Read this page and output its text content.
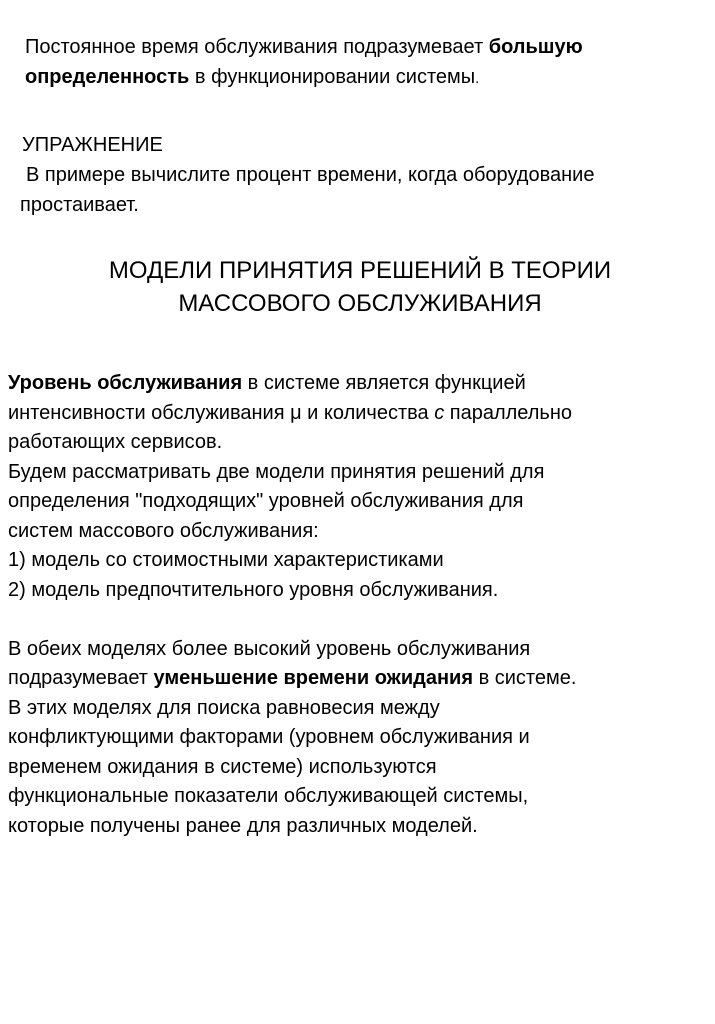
Постоянное время обслуживания подразумевает большую
определенность в функционировании системы.
УПРАЖНЕНИЕ
В примере вычислите процент времени, когда оборудование
простаивает.
МОДЕЛИ ПРИНЯТИЯ РЕШЕНИЙ В ТЕОРИИ
МАССОВОГО ОБСЛУЖИВАНИЯ
Уровень обслуживания в системе является функцией
интенсивности обслуживания μ и количества c параллельно
работающих сервисов.
Будем рассматривать две модели принятия решений для
определения "подходящих" уровней обслуживания для
систем массового обслуживания:
1) модель со стоимостными характеристиками
2) модель предпочтительного уровня обслуживания.
В обеих моделях более высокий уровень обслуживания
подразумевает уменьшение времени ожидания в системе.
В этих моделях для поиска равновесия между
конфликтующими факторами (уровнем обслуживания и
временем ожидания в системе) используются
функциональные показатели обслуживающей системы,
которые получены ранее для различных моделей.
